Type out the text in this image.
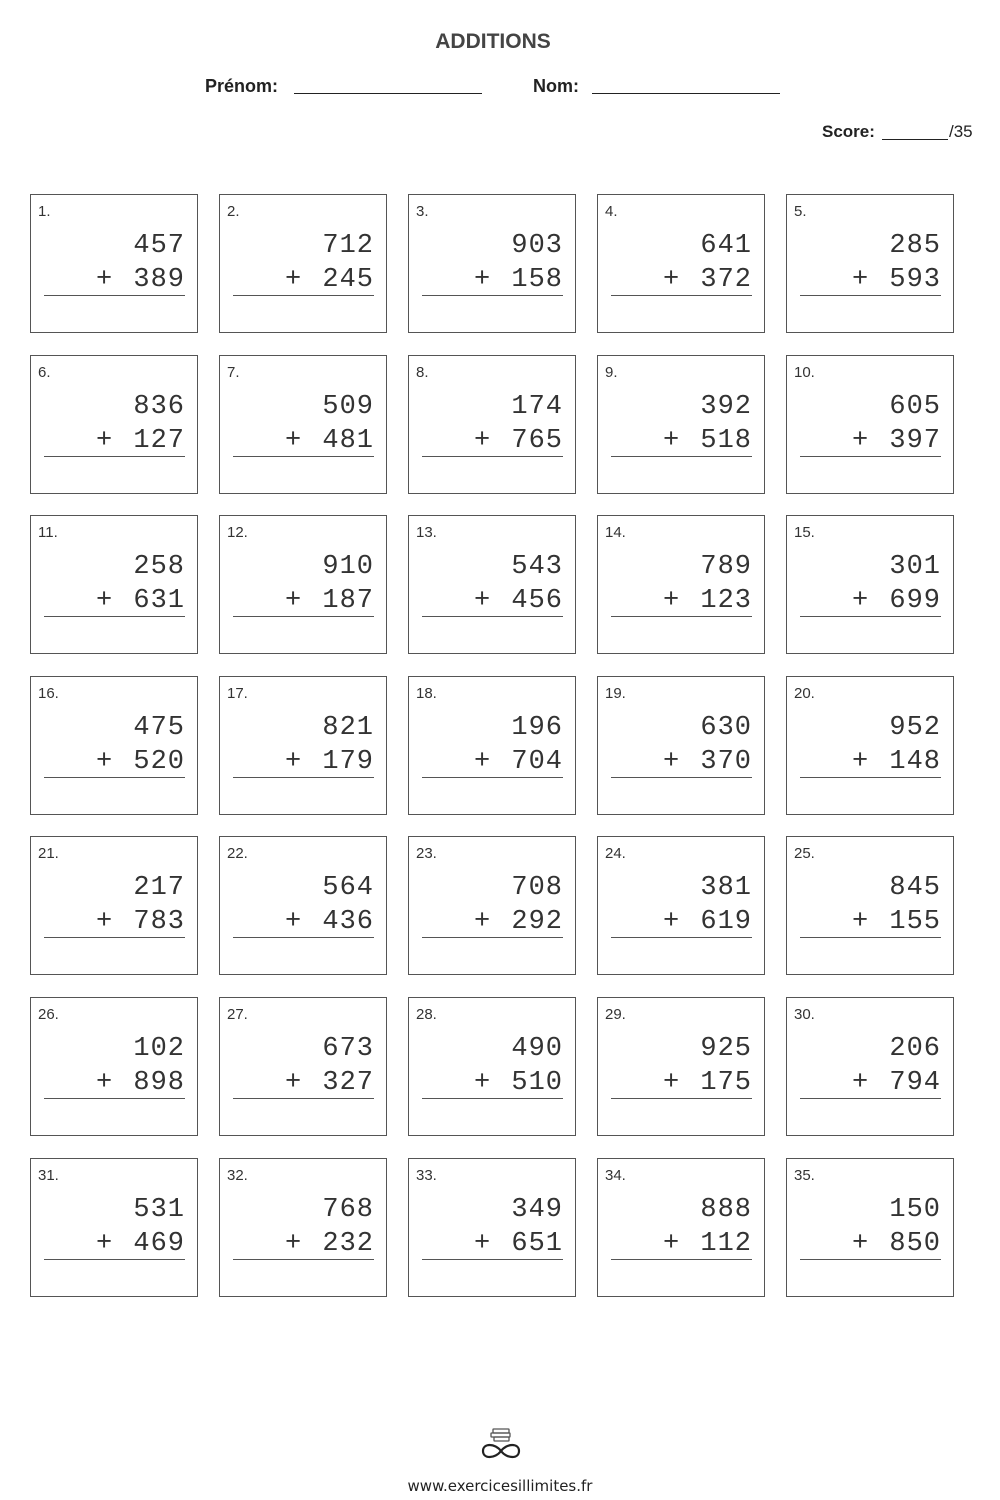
ADDITIONS
Prénom:	Nom:
Score:	/35
1.
457
+ 389
2.
712
+ 245
3.
903
+ 158
4.
641
+ 372
5.
285
+ 593
6.
836
+ 127
7.
509
+ 481
8.
174
+ 765
9.
392
+ 518
10.
605
+ 397
11.
258
+ 631
12.
910
+ 187
13.
543
+ 456
14.
789
+ 123
15.
301
+ 699
16.
475
+ 520
17.
821
+ 179
18.
196
+ 704
19.
630
+ 370
20.
952
+ 148
21.
217
+ 783
22.
564
+ 436
23.
708
+ 292
24.
381
+ 619
25.
845
+ 155
26.
102
+ 898
27.
673
+ 327
28.
490
+ 510
29.
925
+ 175
30.
206
+ 794
31.
531
+ 469
32.
768
+ 232
33.
349
+ 651
34.
888
+ 112
35.
150
+ 850
www.exercicesillimites.fr
